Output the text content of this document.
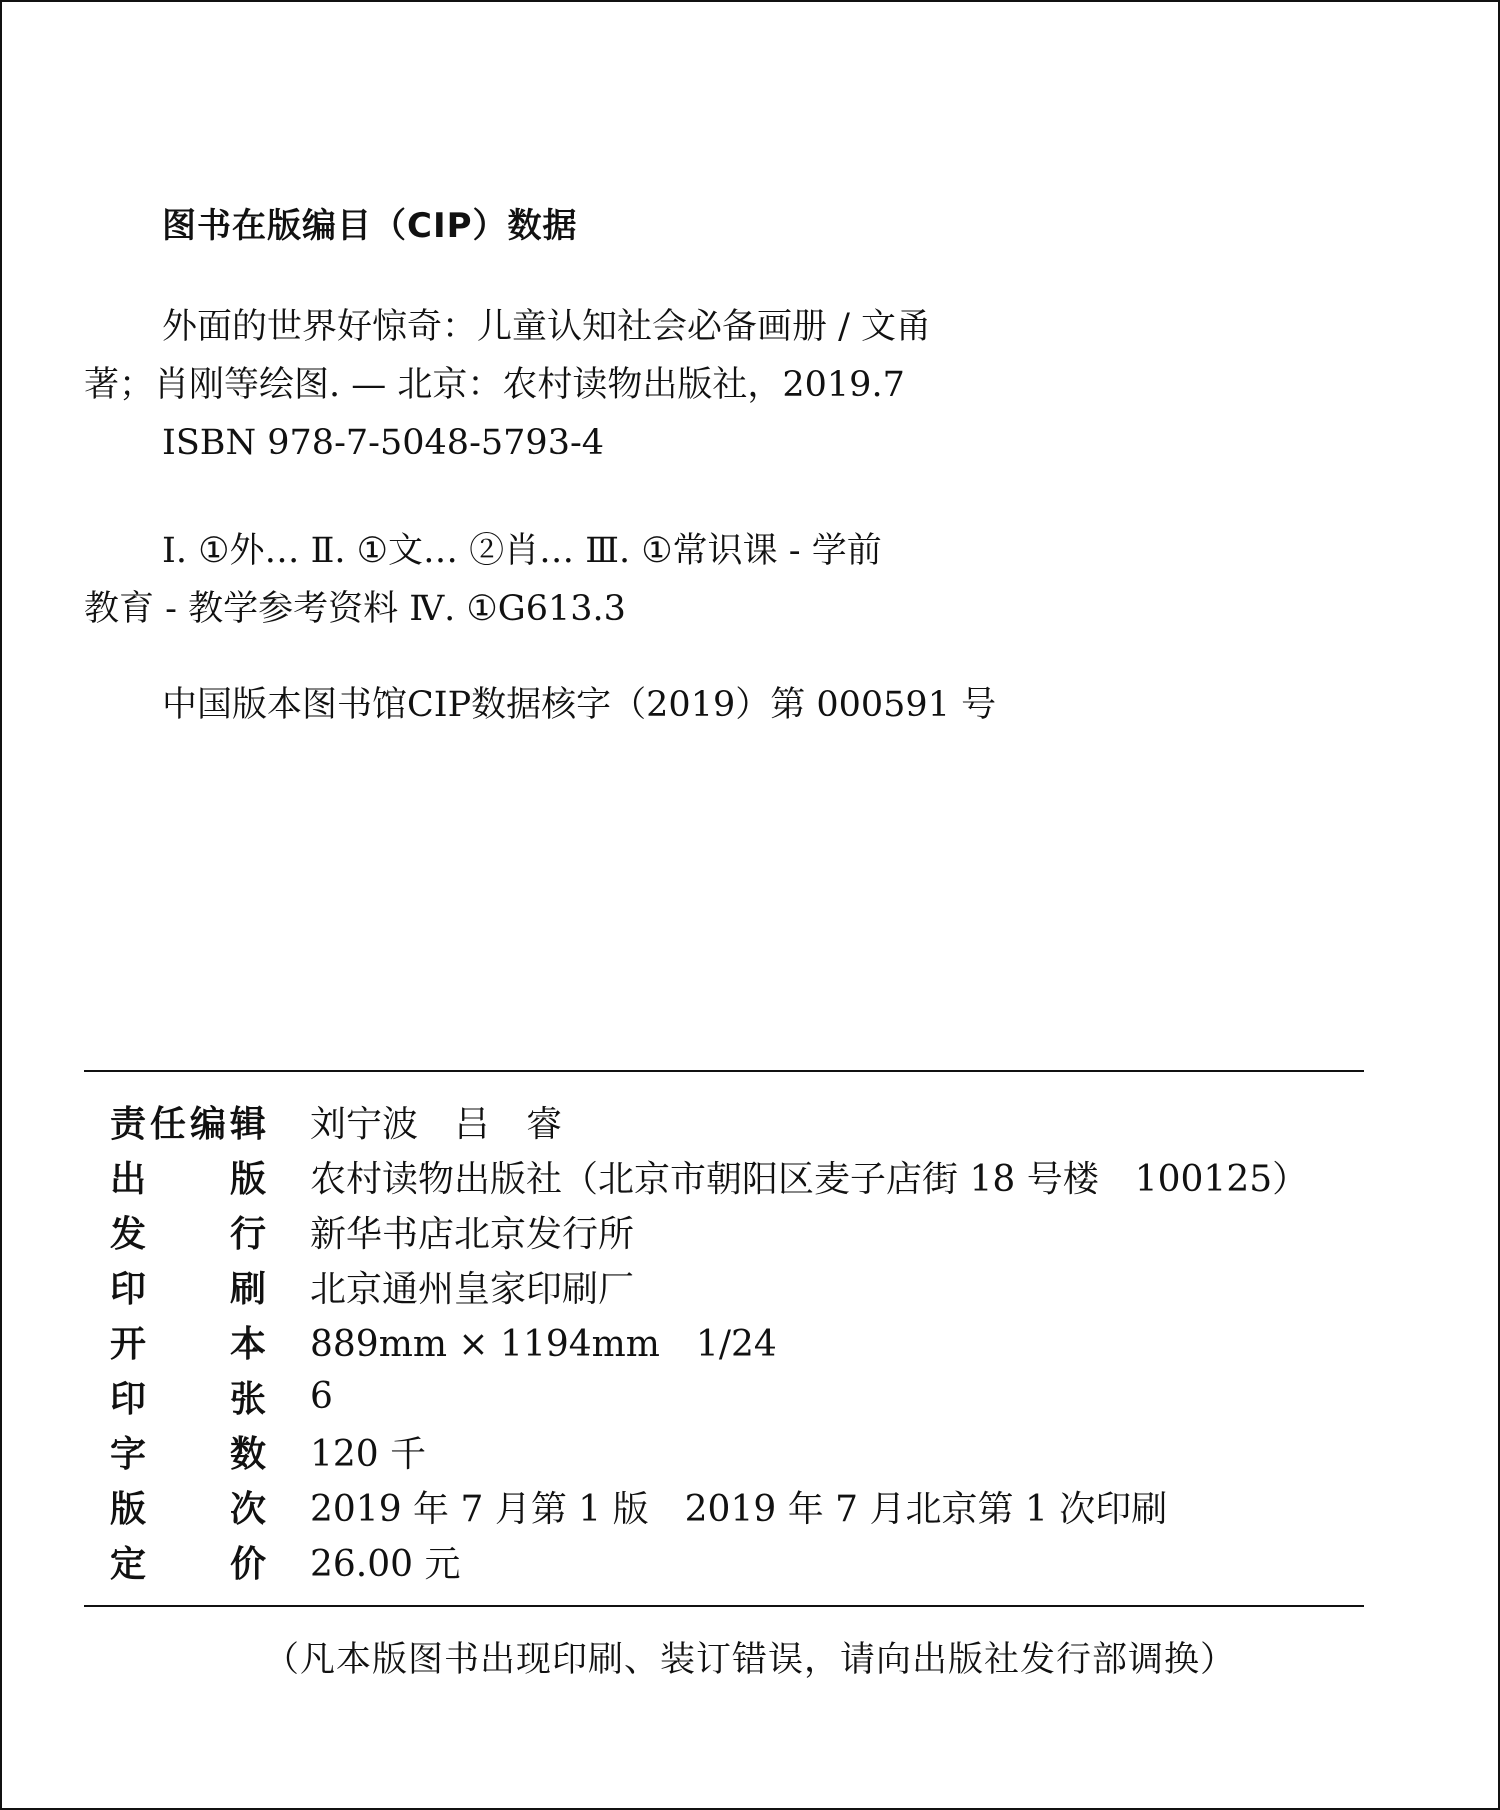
图书在版编目（CIP）数据
外面的世界好惊奇：儿童认知社会必备画册 / 文甬
著；肖刚等绘图. — 北京：农村读物出版社，2019.7
ISBN 978-7-5048-5793-4
Ⅰ. ①外… Ⅱ. ①文… ②肖… Ⅲ. ①常识课 - 学前
教育 - 教学参考资料 Ⅳ. ①G613.3
中国版本图书馆CIP数据核字（2019）第 000591 号
责任编辑		刘宁波　吕　睿
出版		农村读物出版社（北京市朝阳区麦子店街 18 号楼　100125）
发行		新华书店北京发行所
印刷		北京通州皇家印刷厂
开本		889mm × 1194mm　1/24
印张		6
字数		120 千
版次		2019 年 7 月第 1 版　2019 年 7 月北京第 1 次印刷
定价		26.00 元
（凡本版图书出现印刷、装订错误，请向出版社发行部调换）
